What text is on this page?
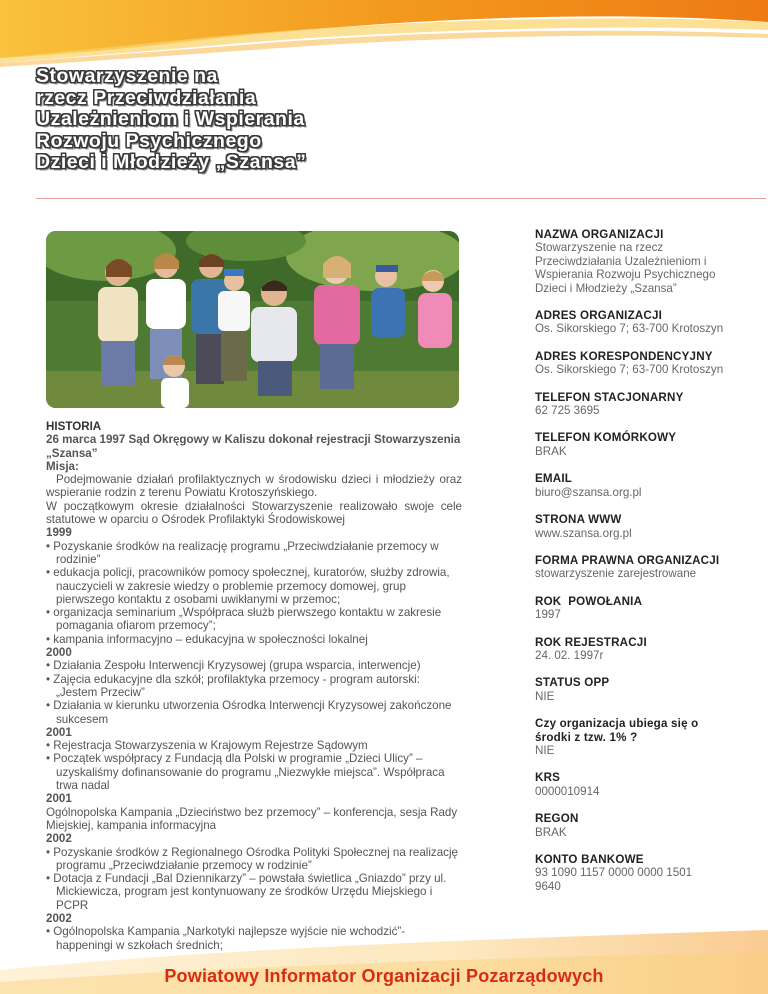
Stowarzyszenie na
rzecz Przeciwdziałania
Uzależnieniom i Wspierania
Rozwoju Psychicznego
Dzieci i Młodzieży „Szansa”

HISTORIA

26 marca 1997 Sąd Okręgowy w Kaliszu dokonał rejestracji Stowarzyszenia „Szansa”

Misja:

Podejmowanie działań profilaktycznych w środowisku dzieci i młodzieży oraz wspieranie rodzin z terenu Powiatu Krotoszyńskiego.

W początkowym okresie działalności Stowarzyszenie realizowało swoje cele statutowe w oparciu o Ośrodek Profilaktyki Środowiskowej

1999

• Pozyskanie środków na realizację programu „Przeciwdziałanie przemocy w rodzinie”

• edukacja policji, pracowników pomocy społecznej, kuratorów, służby zdrowia, nauczycieli w zakresie wiedzy o problemie przemocy domowej, grup pierwszego kontaktu z osobami uwikłanymi w przemoc;

• organizacja seminarium „Współpraca służb pierwszego kontaktu w zakresie pomagania ofiarom przemocy”;

• kampania informacyjno – edukacyjna w społeczności lokalnej

2000

• Działania Zespołu Interwencji Kryzysowej (grupa wsparcia, interwencje)

• Zajęcia edukacyjne dla szkół; profilaktyka przemocy - program autorski: „Jestem Przeciw”

• Działania w kierunku utworzenia Ośrodka Interwencji Kryzysowej zakończone sukcesem

2001

• Rejestracja Stowarzyszenia w Krajowym Rejestrze Sądowym

• Początek współpracy z Fundacją dla Polski w programie „Dzieci Ulicy” – uzyskaliśmy dofinansowanie do programu „Niezwykłe miejsca”. Współpraca trwa nadal

2001

Ogólnopolska Kampania „Dzieciństwo bez przemocy” – konferencja, sesja Rady Miejskiej, kampania informacyjna

2002

• Pozyskanie środków z Regionalnego Ośrodka Polityki Społecznej na realizację programu „Przeciwdziałanie przemocy w rodzinie”

• Dotacja z Fundacji „Bal Dziennikarzy” – powstała świetlica „Gniazdo” przy ul. Mickiewicza, program jest kontynuowany ze środków Urzędu Miejskiego i PCPR

2002

• Ogólnopolska Kampania „Narkotyki najlepsze wyjście nie wchodzić”- happeningi w szkołach średnich;

NAZWA ORGANIZACJI
Stowarzyszenie na rzecz Przeciwdziałania Uzależnieniom i Wspierania Rozwoju Psychicznego Dzieci i Młodzieży „Szansa”
ADRES ORGANIZACJI
Os. Sikorskiego 7; 63-700 Krotoszyn
ADRES KORESPONDENCYJNY
Os. Sikorskiego 7; 63-700 Krotoszyn
TELEFON STACJONARNY
62 725 3695
TELEFON KOMÓRKOWY
BRAK
EMAIL
biuro@szansa.org.pl
STRONA WWW
www.szansa.org.pl
FORMA PRAWNA ORGANIZACJI
stowarzyszenie zarejestrowane
ROK  POWOŁANIA
1997
ROK REJESTRACJI
24. 02. 1997r
STATUS OPP
NIE
Czy organizacja ubiega się o środki z tzw. 1% ?
NIE
KRS
0000010914
REGON
BRAK
KONTO BANKOWE
93 1090 1157 0000 0000 1501 9640
Powiatowy Informator Organizacji Pozarządowych
